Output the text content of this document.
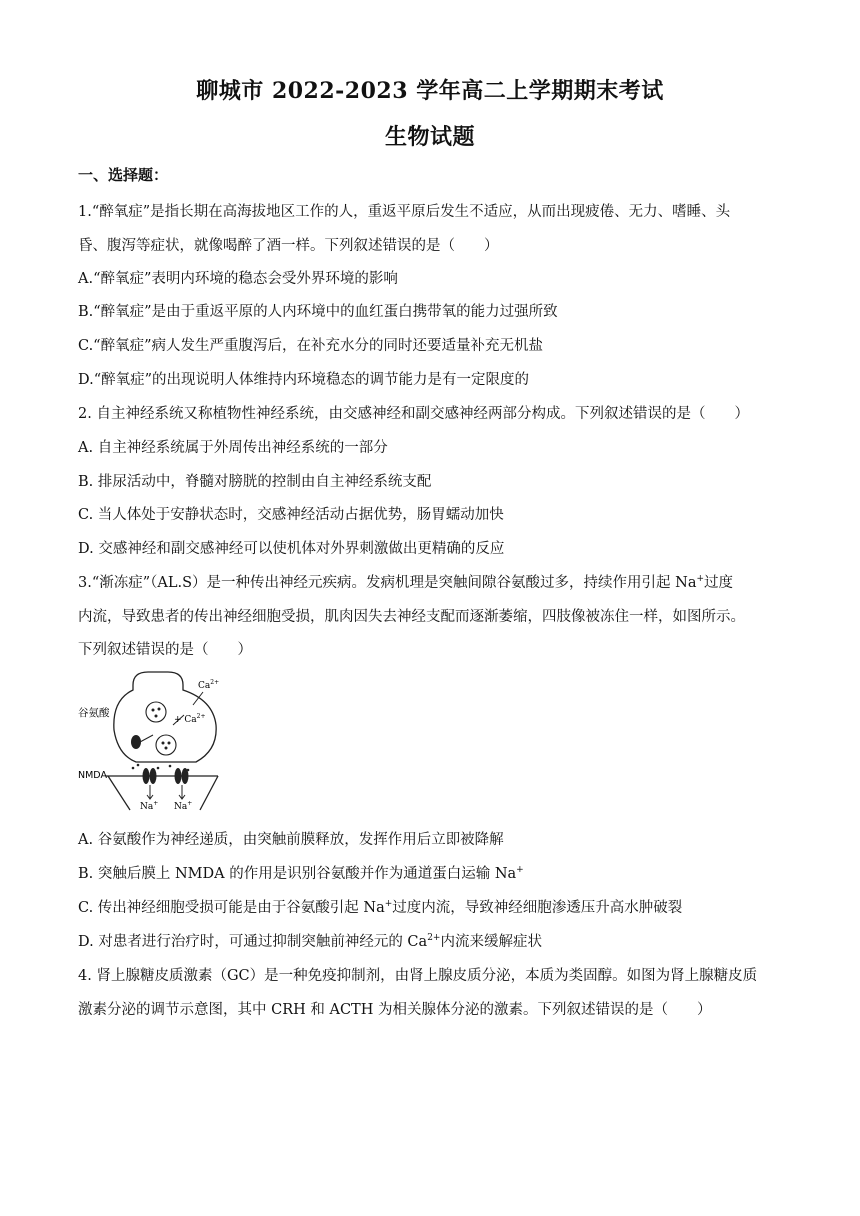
聊城市 2022-2023 学年高二上学期期末考试
生物试题
一、选择题：
1.“醉氧症”是指长期在高海拔地区工作的人，重返平原后发生不适应，从而出现疲倦、无力、嗜睡、头
昏、腹泻等症状，就像喝醉了酒一样。下列叙述错误的是（　　）
A.“醉氧症”表明内环境的稳态会受外界环境的影响
B.“醉氧症”是由于重返平原的人内环境中的血红蛋白携带氧的能力过强所致
C.“醉氧症”病人发生严重腹泻后，在补充水分的同时还要适量补充无机盐
D.“醉氧症”的出现说明人体维持内环境稳态的调节能力是有一定限度的
2. 自主神经系统又称植物性神经系统，由交感神经和副交感神经两部分构成。下列叙述错误的是（　　）
A. 自主神经系统属于外周传出神经系统的一部分
B. 排尿活动中，脊髓对膀胱的控制由自主神经系统支配
C. 当人体处于安静状态时，交感神经活动占据优势，肠胃蠕动加快
D. 交感神经和副交感神经可以使机体对外界刺激做出更精确的反应
3.“渐冻症”（AL.S）是一种传出神经元疾病。发病机理是突触间隙谷氨酸过多，持续作用引起 Na+过度
内流，导致患者的传出神经细胞受损，肌肉因失去神经支配而逐渐萎缩，四肢像被冻住一样，如图所示。
下列叙述错误的是（　　）
谷氨酸
NMDA
$Ca^{2+}$
+ $Ca^{2+}$
Na+ Na+
A. 谷氨酸作为神经递质，由突触前膜释放，发挥作用后立即被降解
B. 突触后膜上 NMDA 的作用是识别谷氨酸并作为通道蛋白运输 Na+
C. 传出神经细胞受损可能是由于谷氨酸引起 Na+过度内流，导致神经细胞渗透压升高水肿破裂
D. 对患者进行治疗时，可通过抑制突触前神经元的 $Ca^{2+}$内流来缓解症状
4. 肾上腺糖皮质激素（GC）是一种免疫抑制剂，由肾上腺皮质分泌，本质为类固醇。如图为肾上腺糖皮质
激素分泌的调节示意图，其中 CRH 和 ACTH 为相关腺体分泌的激素。下列叙述错误的是（　　）
